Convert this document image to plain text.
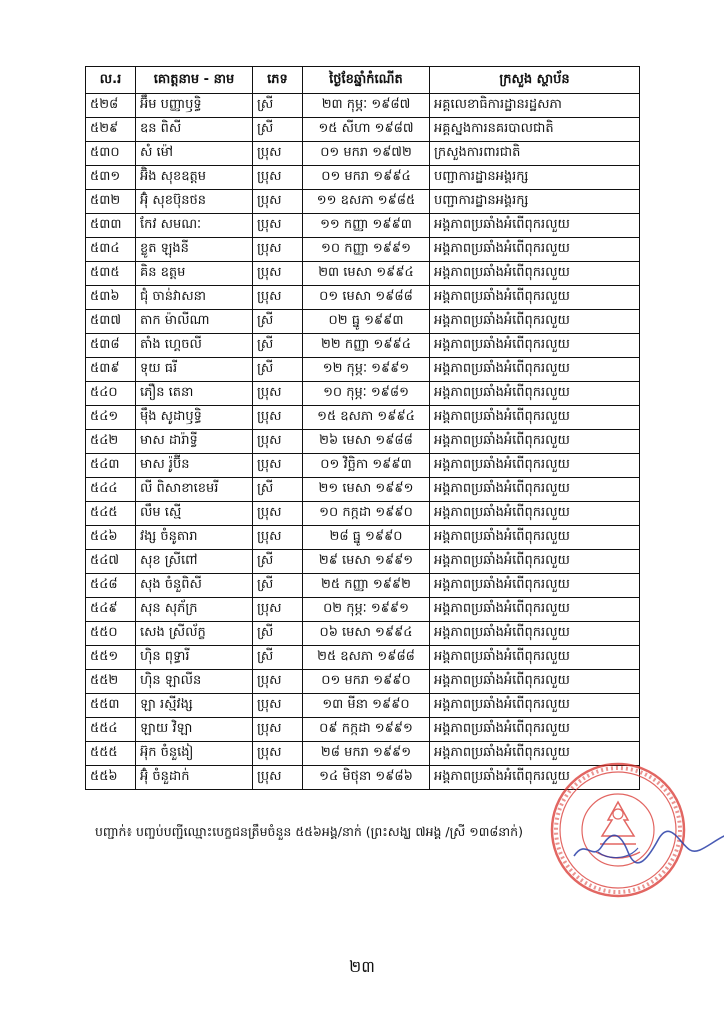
ល.រ	គោត្តនាម - នាម	ភេទ	ថ្ងៃខែឆ្នាំកំណើត	ក្រសួង ស្ថាប័ន
៥២៨	អ៊ឹម បញ្ញាឫទ្ធិ	ស្រី	២៣ កុម្ភៈ ១៩៨៧	អគ្គលេខាធិការដ្ឋានរដ្ឋសភា
៥២៩	ឧន ពិសី	ស្រី	១៥ សីហា ១៩៨៧	អគ្គស្នងការនគរបាលជាតិ
៥៣០	សំ ម៉ៅ	ប្រុស	០១ មករា ១៩៧២	ក្រសួងការពារជាតិ
៥៣១	អ៊ិង សុខឧត្តម	ប្រុស	០១ មករា ១៩៩៤	បញ្ជាការដ្ឋានអង្គរក្ស
៥៣២	អ៊ុំ សុខប៊ុនថន	ប្រុស	១១ ឧសភា ១៩៨៥	បញ្ជាការដ្ឋានអង្គរក្ស
៥៣៣	កែវ សមណៈ	ប្រុស	១១ កញ្ញា ១៩៩៣	អង្គភាពប្រឆាំងអំពើពុករលួយ
៥៣៤	ខ្លូត ឡុងនី	ប្រុស	១០ កញ្ញា ១៩៩១	អង្គភាពប្រឆាំងអំពើពុករលួយ
៥៣៥	គិន ឧត្តម	ប្រុស	២៣ មេសា ១៩៩៤	អង្គភាពប្រឆាំងអំពើពុករលួយ
៥៣៦	ជុំ ចាន់វាសនា	ប្រុស	០១ មេសា ១៩៨៨	អង្គភាពប្រឆាំងអំពើពុករលួយ
៥៣៧	តាក ម៉ាលីណា	ស្រី	០២ ធ្នូ ១៩៩៣	អង្គភាពប្រឆាំងអំពើពុករលួយ
៥៣៨	តាំង ហ្គេចលី	ស្រី	២២ កញ្ញា ១៩៩៤	អង្គភាពប្រឆាំងអំពើពុករលួយ
៥៣៩	ទុយ ធរី	ស្រី	១២ កុម្ភៈ ១៩៩១	អង្គភាពប្រឆាំងអំពើពុករលួយ
៥៤០	ភឿន តេនា	ប្រុស	១០ កុម្ភៈ ១៩៨១	អង្គភាពប្រឆាំងអំពើពុករលួយ
៥៤១	ម៉ឹង សូដាឫទ្ធិ	ប្រុស	១៥ ឧសភា ១៩៩៤	អង្គភាពប្រឆាំងអំពើពុករលួយ
៥៤២	មាស ដារ៉ាទ្វី	ប្រុស	២៦ មេសា ១៩៨៨	អង្គភាពប្រឆាំងអំពើពុករលួយ
៥៤៣	មាស រ៉ូប៊ីន	ប្រុស	០១ វិច្ឆិកា ១៩៩៣	អង្គភាពប្រឆាំងអំពើពុករលួយ
៥៤៤	លី ពិសាខាខេមរី	ស្រី	២១ មេសា ១៩៩១	អង្គភាពប្រឆាំងអំពើពុករលួយ
៥៤៥	លឹម ស្មើ	ប្រុស	១០ កក្កដា ១៩៩០	អង្គភាពប្រឆាំងអំពើពុករលួយ
៥៤៦	វង្ស ចំនូតារា	ប្រុស	២៨ ធ្នូ ១៩៩០	អង្គភាពប្រឆាំងអំពើពុករលួយ
៥៤៧	សុខ ស្រីពៅ	ស្រី	២៩ មេសា ១៩៩១	អង្គភាពប្រឆាំងអំពើពុករលួយ
៥៤៨	សុង ចំនួពិសី	ស្រី	២៥ កញ្ញា ១៩៩២	អង្គភាពប្រឆាំងអំពើពុករលួយ
៥៤៩	សុន សុភ័ក្រ	ប្រុស	០២ កុម្ភៈ ១៩៩១	អង្គភាពប្រឆាំងអំពើពុករលួយ
៥៥០	សេង ស្រីល័ក្ខ	ស្រី	០៦ មេសា ១៩៩៤	អង្គភាពប្រឆាំងអំពើពុករលួយ
៥៥១	ហ៊ិន ពុទ្ធារី	ស្រី	២៥ ឧសភា ១៩៨៨	អង្គភាពប្រឆាំងអំពើពុករលួយ
៥៥២	ហ៊ិន ឡាលីន	ប្រុស	០១ មករា ១៩៩០	អង្គភាពប្រឆាំងអំពើពុករលួយ
៥៥៣	ឡា រស្មីវង្ស	ប្រុស	១៣ មីនា ១៩៩០	អង្គភាពប្រឆាំងអំពើពុករលួយ
៥៥៤	ឡាយ វិឡា	ប្រុស	០៩ កក្កដា ១៩៩១	អង្គភាពប្រឆាំងអំពើពុករលួយ
៥៥៥	អ៊ុក ចំនួងៀ	ប្រុស	២៨ មករា ១៩៩១	អង្គភាពប្រឆាំងអំពើពុករលួយ
៥៥៦	អ៊ុំ ចំនួដាក់	ប្រុស	១៤ មិថុនា ១៩៨៦	អង្គភាពប្រឆាំងអំពើពុករលួយ
បញ្ជាក់៖ បញ្ចប់បញ្ជីឈ្មោះបេក្ខជនត្រឹមចំនួន ៥៥៦អង្គ/នាក់ (ព្រះសង្ឃ ៧អង្គ /ស្រី ១៣៨នាក់)
២៣
